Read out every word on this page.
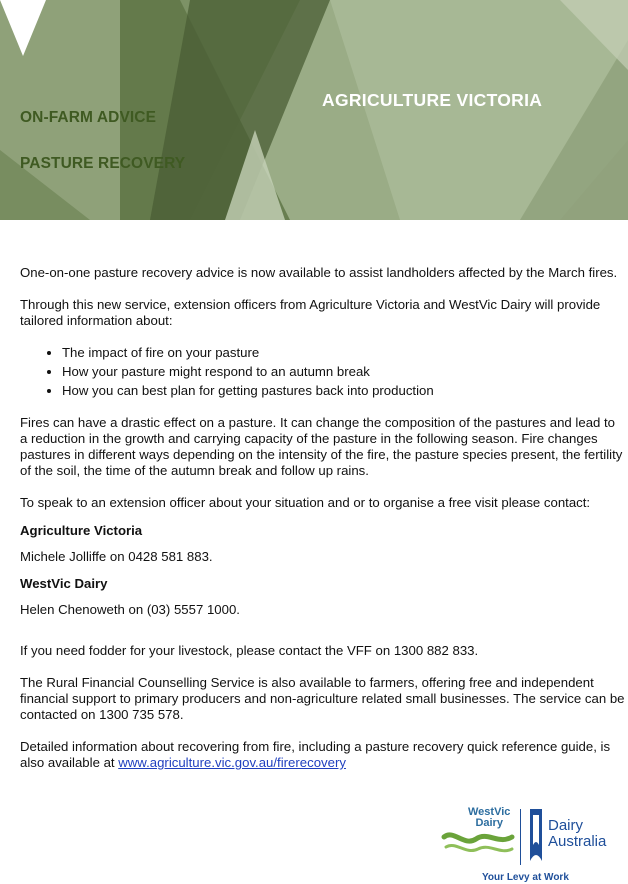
ON-FARM ADVICE
PASTURE RECOVERY
AGRICULTURE VICTORIA

One-on-one pasture recovery advice is now available to assist landholders affected by the March fires.

Through this new service, extension officers from Agriculture Victoria and WestVic Dairy will provide tailored information about:

• The impact of fire on your pasture
• How your pasture might respond to an autumn break
• How you can best plan for getting pastures back into production

Fires can have a drastic effect on a pasture. It can change the composition of the pastures and lead to a reduction in the growth and carrying capacity of the pasture in the following season. Fire changes pastures in different ways depending on the intensity of the fire, the pasture species present, the fertility of the soil, the time of the autumn break and follow up rains.

To speak to an extension officer about your situation and or to organise a free visit please contact:

Agriculture Victoria

Michele Jolliffe on 0428 581 883.

WestVic Dairy

Helen Chenoweth on (03) 5557 1000.

If you need fodder for your livestock, please contact the VFF on 1300 882 833.

The Rural Financial Counselling Service is also available to farmers, offering free and independent financial support to primary producers and non-agriculture related small businesses. The service can be contacted on 1300 735 578.

Detailed information about recovering from fire, including a pasture recovery quick reference guide, is also available at www.agriculture.vic.gov.au/firerecovery

WestVic
Dairy	Dairy
Australia
Your Levy at Work
